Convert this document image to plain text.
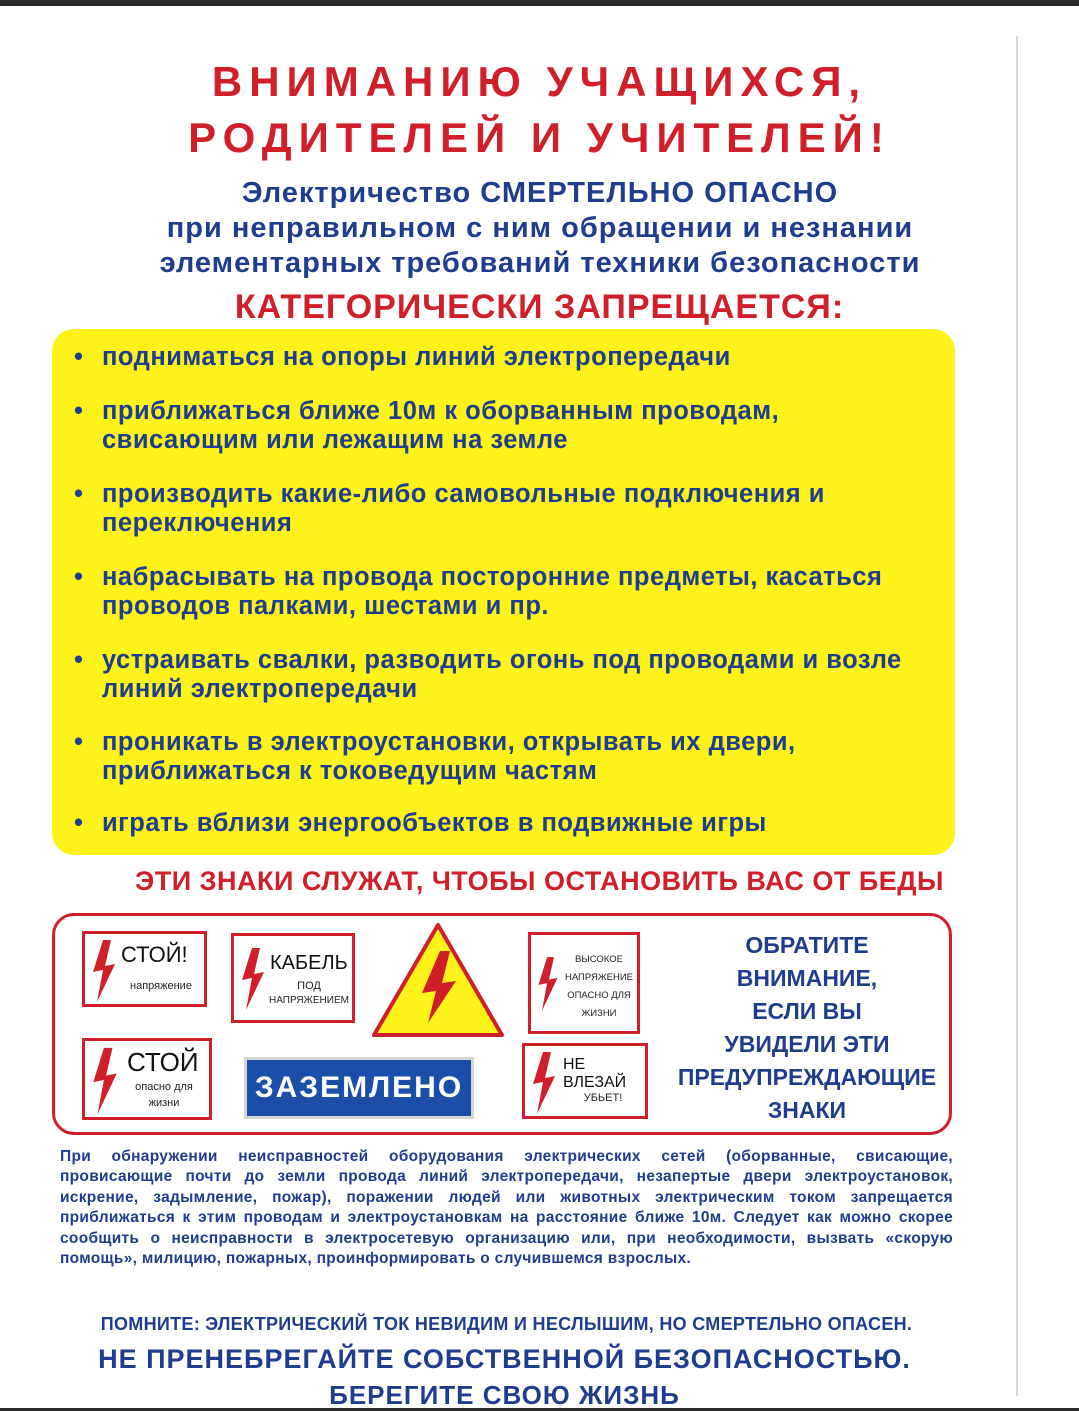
ВНИМАНИЮ УЧАЩИХСЯ,
РОДИТЕЛЕЙ И УЧИТЕЛЕЙ!
Электричество СМЕРТЕЛЬНО ОПАСНО
при неправильном с ним обращении и незнании
элементарных требований техники безопасности
КАТЕГОРИЧЕСКИ ЗАПРЕЩАЕТСЯ:
• подниматься на опоры линий электропередачи
• приближаться ближе 10м к оборванным проводам, свисающим или лежащим на земле
• производить какие-либо самовольные подключения и переключения
• набрасывать на провода посторонние предметы, касаться проводов палками, шестами и пр.
• устраивать свалки, разводить огонь под проводами и возле линий электропередачи
• проникать в электроустановки, открывать их двери, приближаться к токоведущим частям
• играть вблизи энергообъектов в подвижные игры
ЭТИ ЗНАКИ СЛУЖАТ, ЧТОБЫ ОСТАНОВИТЬ ВАС ОТ БЕДЫ
СТОЙ!
напряжение
КАБЕЛЬ
ПОД
НАПРЯЖЕНИЕМ
ВЫСОКОЕ
НАПРЯЖЕНИЕ
ОПАСНО ДЛЯ
ЖИЗНИ
СТОЙ
опасно для
жизни	ЗАЗЕМЛЕНО
НЕ ВЛЕЗАЙ
УБЬЕТ!
ОБРАТИТЕ
ВНИМАНИЕ,
ЕСЛИ ВЫ
УВИДЕЛИ ЭТИ
ПРЕДУПРЕЖДАЮЩИЕ
ЗНАКИ
При обнаружении неисправностей оборудования электрических сетей (оборванные, свисающие, провисающие почти до земли провода линий электропередачи, незапертые двери электроустановок, искрение, задымление, пожар), поражении людей или животных электрическим током запрещается приближаться к этим проводам и электроустановкам на расстояние ближе 10м. Следует как можно скорее сообщить о неисправности в электросетевую организацию или, при необходимости, вызвать «скорую помощь», милицию, пожарных, проинформировать о случившемся взрослых.
ПОМНИТЕ: ЭЛЕКТРИЧЕСКИЙ ТОК НЕВИДИМ И НЕСЛЫШИМ, НО СМЕРТЕЛЬНО ОПАСЕН.
НЕ ПРЕНЕБРЕГАЙТЕ СОБСТВЕННОЙ БЕЗОПАСНОСТЬЮ.
БЕРЕГИТЕ СВОЮ ЖИЗНЬ
